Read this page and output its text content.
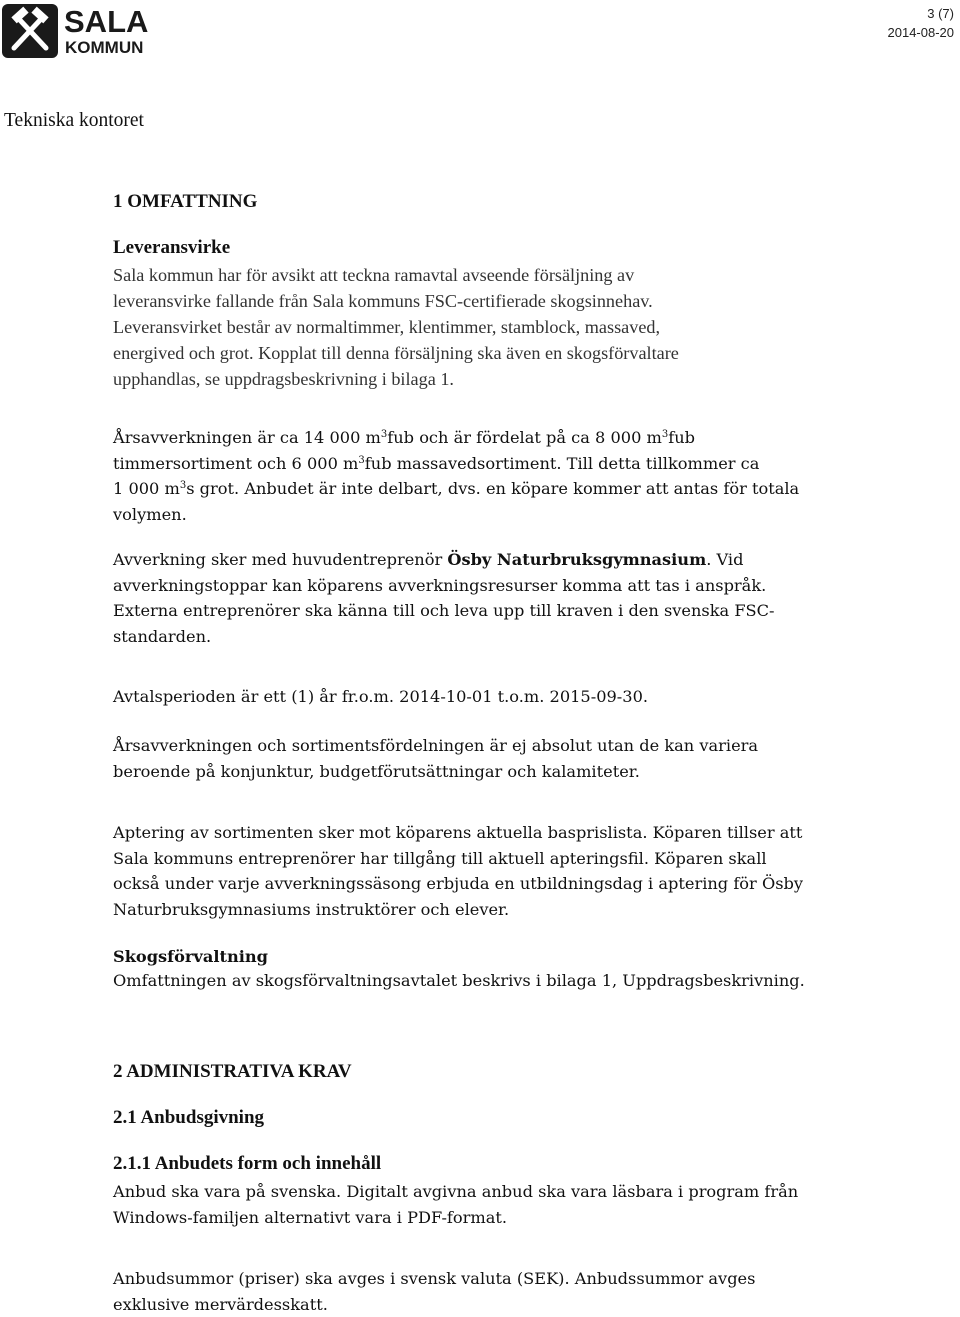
SALA
KOMMUN
3 (7)
2014-08-20
Tekniska kontoret
1 OMFATTNING
Leveransvirke
Sala kommun har för avsikt att teckna ramavtal avseende försäljning av
leveransvirke fallande från Sala kommuns FSC-certifierade skogsinnehav.
Leveransvirket består av normaltimmer, klentimmer, stamblock, massaved,
energived och grot. Kopplat till denna försäljning ska även en skogsförvaltare
upphandlas, se uppdragsbeskrivning i bilaga 1.
Årsavverkningen är ca 14 000 $m^3fub$ och är fördelat på ca 8 000 $m^3fub$
timmersortiment och 6 000 $m^3fub$ massavedsortiment. Till detta tillkommer ca
1 000 $m^3s$ grot. Anbudet är inte delbart, dvs. en köpare kommer att antas för totala
volymen.
Avverkning sker med huvudentreprenör Ösby Naturbruksgymnasium. Vid
avverkningstoppar kan köparens avverkningsresurser komma att tas i anspråk.
Externa entreprenörer ska känna till och leva upp till kraven i den svenska FSC-
standarden.
Avtalsperioden är ett (1) år fr.o.m. 2014-10-01 t.o.m. 2015-09-30.
Årsavverkningen och sortimentsfördelningen är ej absolut utan de kan variera
beroende på konjunktur, budgetförutsättningar och kalamiteter.
Aptering av sortimenten sker mot köparens aktuella basprislista. Köparen tillser att
Sala kommuns entreprenörer har tillgång till aktuell apteringsfil. Köparen skall
också under varje avverkningssäsong erbjuda en utbildningsdag i aptering för Ösby
Naturbruksgymnasiums instruktörer och elever.
Skogsförvaltning
Omfattningen av skogsförvaltningsavtalet beskrivs i bilaga 1, Uppdragsbeskrivning.
2 ADMINISTRATIVA KRAV
2.1 Anbudsgivning
2.1.1 Anbudets form och innehåll
Anbud ska vara på svenska. Digitalt avgivna anbud ska vara läsbara i program från
Windows-familjen alternativt vara i PDF-format.
Anbudsummor (priser) ska avges i svensk valuta (SEK). Anbudssummor avges
exklusive mervärdesskatt.
